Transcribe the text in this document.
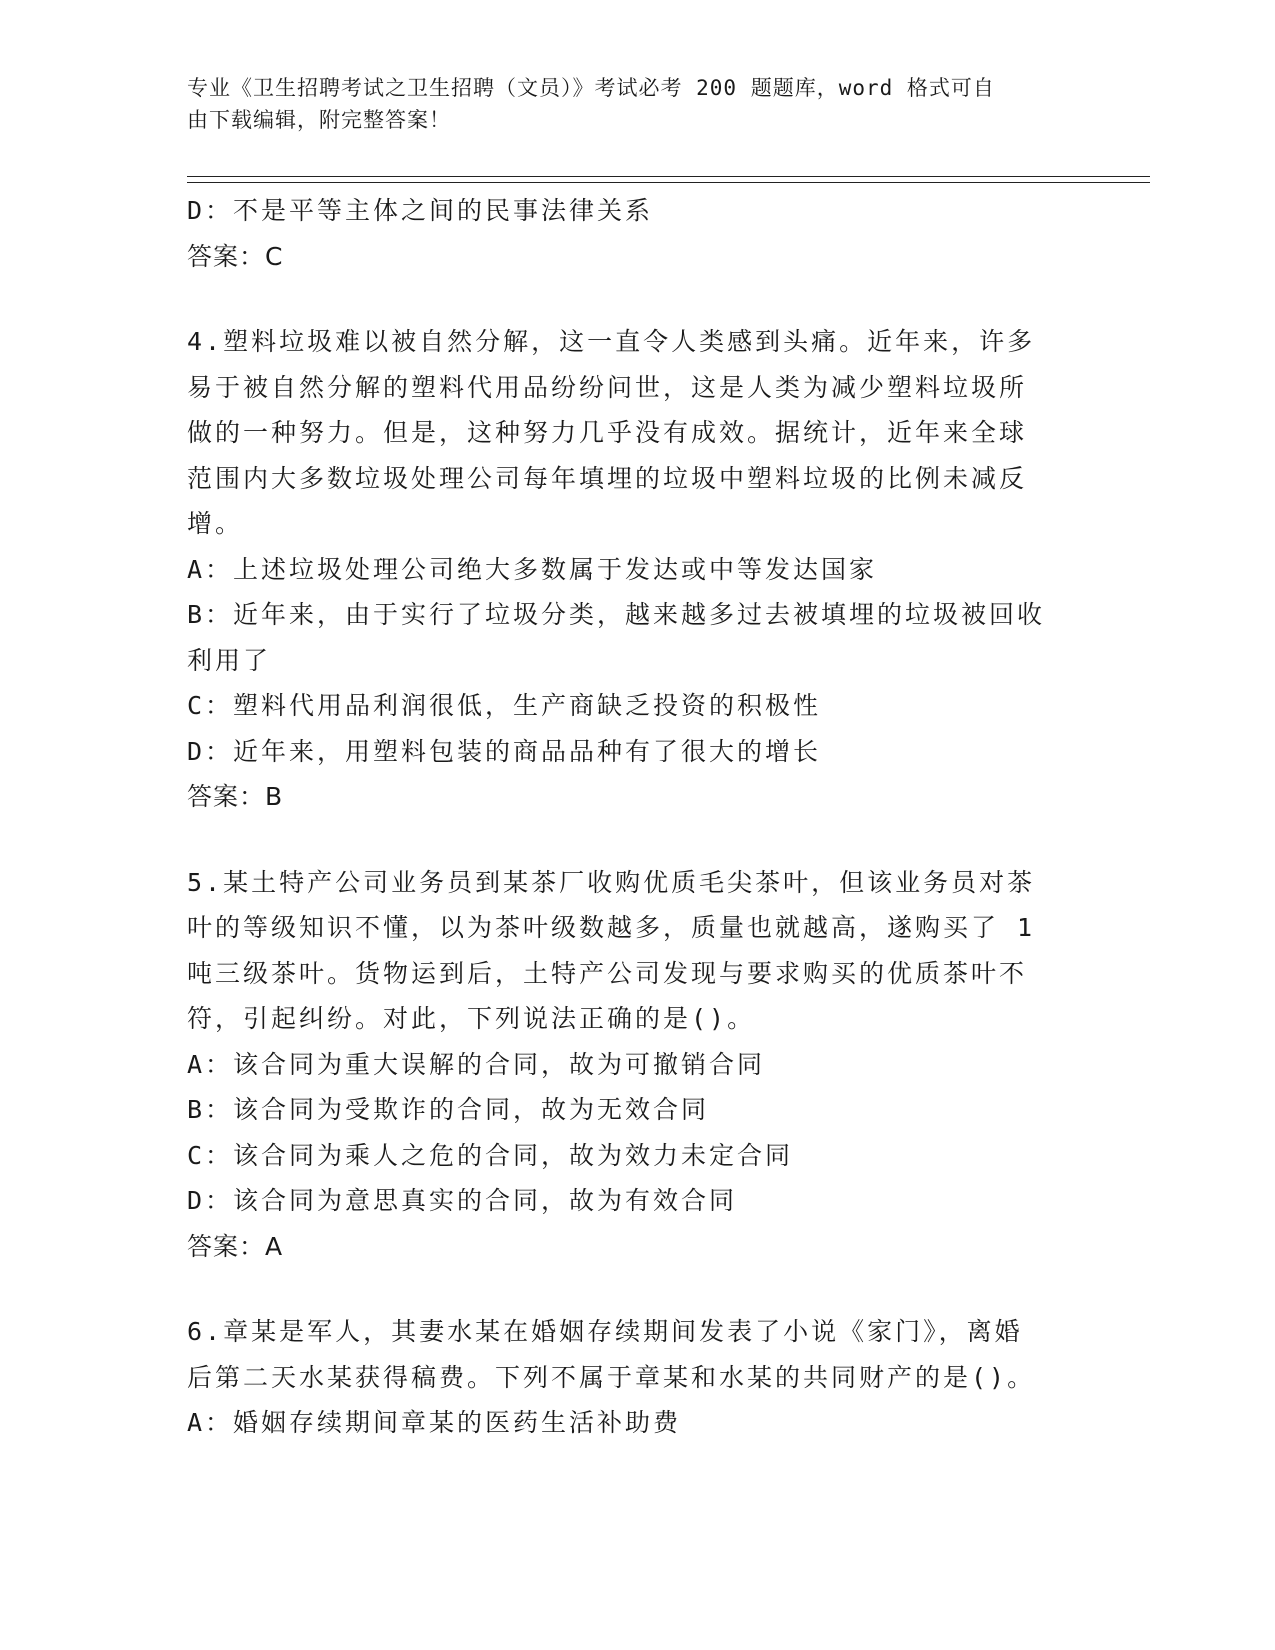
专业《卫生招聘考试之卫生招聘（文员）》考试必考 200 题题库，word 格式可自
由下载编辑，附完整答案！
D：不是平等主体之间的民事法律关系
答案：C
4.塑料垃圾难以被自然分解，这一直令人类感到头痛。近年来，许多
易于被自然分解的塑料代用品纷纷问世，这是人类为减少塑料垃圾所
做的一种努力。但是，这种努力几乎没有成效。据统计，近年来全球
范围内大多数垃圾处理公司每年填埋的垃圾中塑料垃圾的比例未减反
增。
A：上述垃圾处理公司绝大多数属于发达或中等发达国家
B：近年来，由于实行了垃圾分类，越来越多过去被填埋的垃圾被回收
利用了
C：塑料代用品利润很低，生产商缺乏投资的积极性
D：近年来，用塑料包装的商品品种有了很大的增长
答案：B
5.某土特产公司业务员到某茶厂收购优质毛尖茶叶，但该业务员对茶
叶的等级知识不懂，以为茶叶级数越多，质量也就越高，遂购买了 1
吨三级茶叶。货物运到后，土特产公司发现与要求购买的优质茶叶不
符，引起纠纷。对此，下列说法正确的是()。
A：该合同为重大误解的合同，故为可撤销合同
B：该合同为受欺诈的合同，故为无效合同
C：该合同为乘人之危的合同，故为效力未定合同
D：该合同为意思真实的合同，故为有效合同
答案：A
6.章某是军人，其妻水某在婚姻存续期间发表了小说《家门》，离婚
后第二天水某获得稿费。下列不属于章某和水某的共同财产的是()。
A：婚姻存续期间章某的医药生活补助费
